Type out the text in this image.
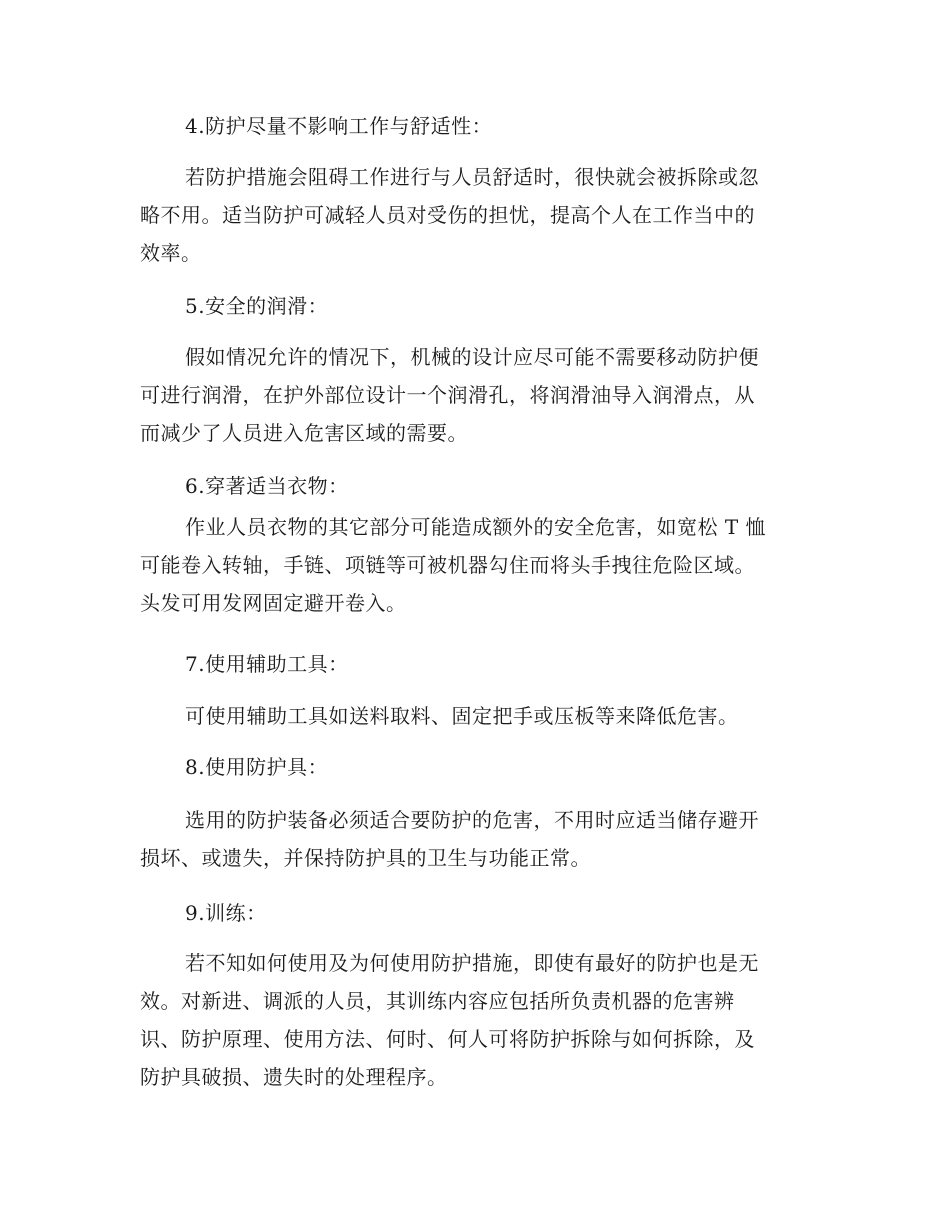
4.防护尽量不影响工作与舒适性：
若防护措施会阻碍工作进行与人员舒适时，很快就会被拆除或忽
略不用。适当防护可减轻人员对受伤的担忧，提高个人在工作当中的
效率。
5.安全的润滑：
假如情况允许的情况下，机械的设计应尽可能不需要移动防护便
可进行润滑，在护外部位设计一个润滑孔，将润滑油导入润滑点，从
而减少了人员进入危害区域的需要。
6.穿著适当衣物：
作业人员衣物的其它部分可能造成额外的安全危害，如宽松 T 恤
可能卷入转轴，手链、项链等可被机器勾住而将头手拽往危险区域。
头发可用发网固定避开卷入。
7.使用辅助工具：
可使用辅助工具如送料取料、固定把手或压板等来降低危害。
8.使用防护具：
选用的防护装备必须适合要防护的危害，不用时应适当储存避开
损坏、或遗失，并保持防护具的卫生与功能正常。
9.训练：
若不知如何使用及为何使用防护措施，即使有最好的防护也是无
效。对新进、调派的人员，其训练内容应包括所负责机器的危害辨
识、防护原理、使用方法、何时、何人可将防护拆除与如何拆除，及
防护具破损、遗失时的处理程序。
